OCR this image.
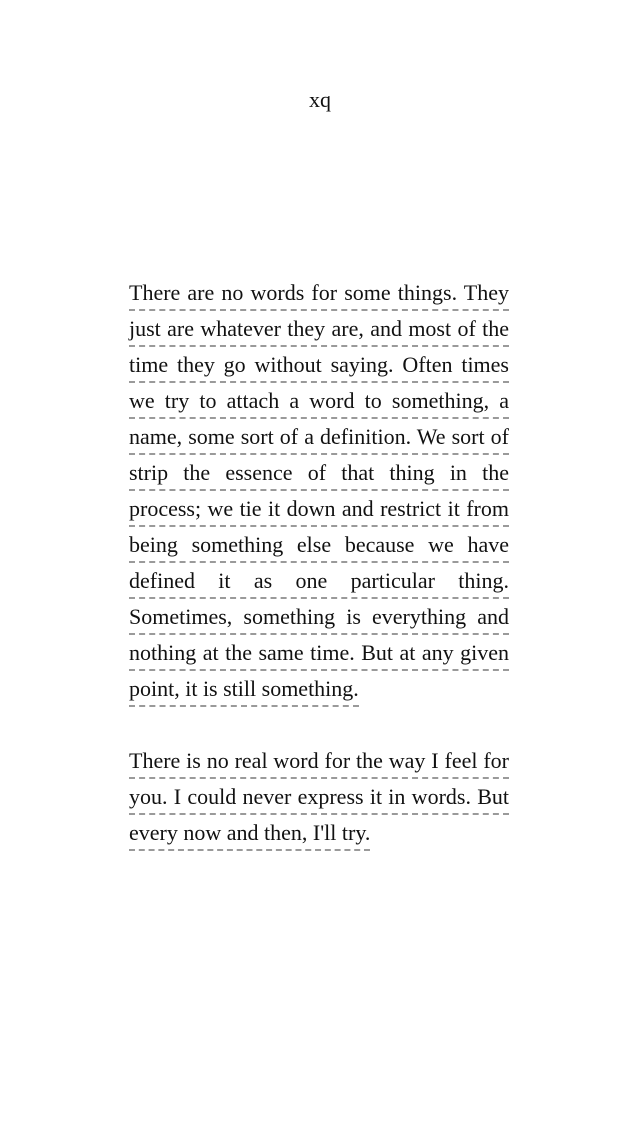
xq

There are no words for some things. They just are whatever they are, and most of the time they go without saying. Often times we try to attach a word to something, a name, some sort of a definition. We sort of strip the essence of that thing in the process; we tie it down and restrict it from being something else because we have defined it as one particular thing. Sometimes, something is everything and nothing at the same time. But at any given point, it is still something.

There is no real word for the way I feel for you. I could never express it in words. But every now and then, I'll try.
